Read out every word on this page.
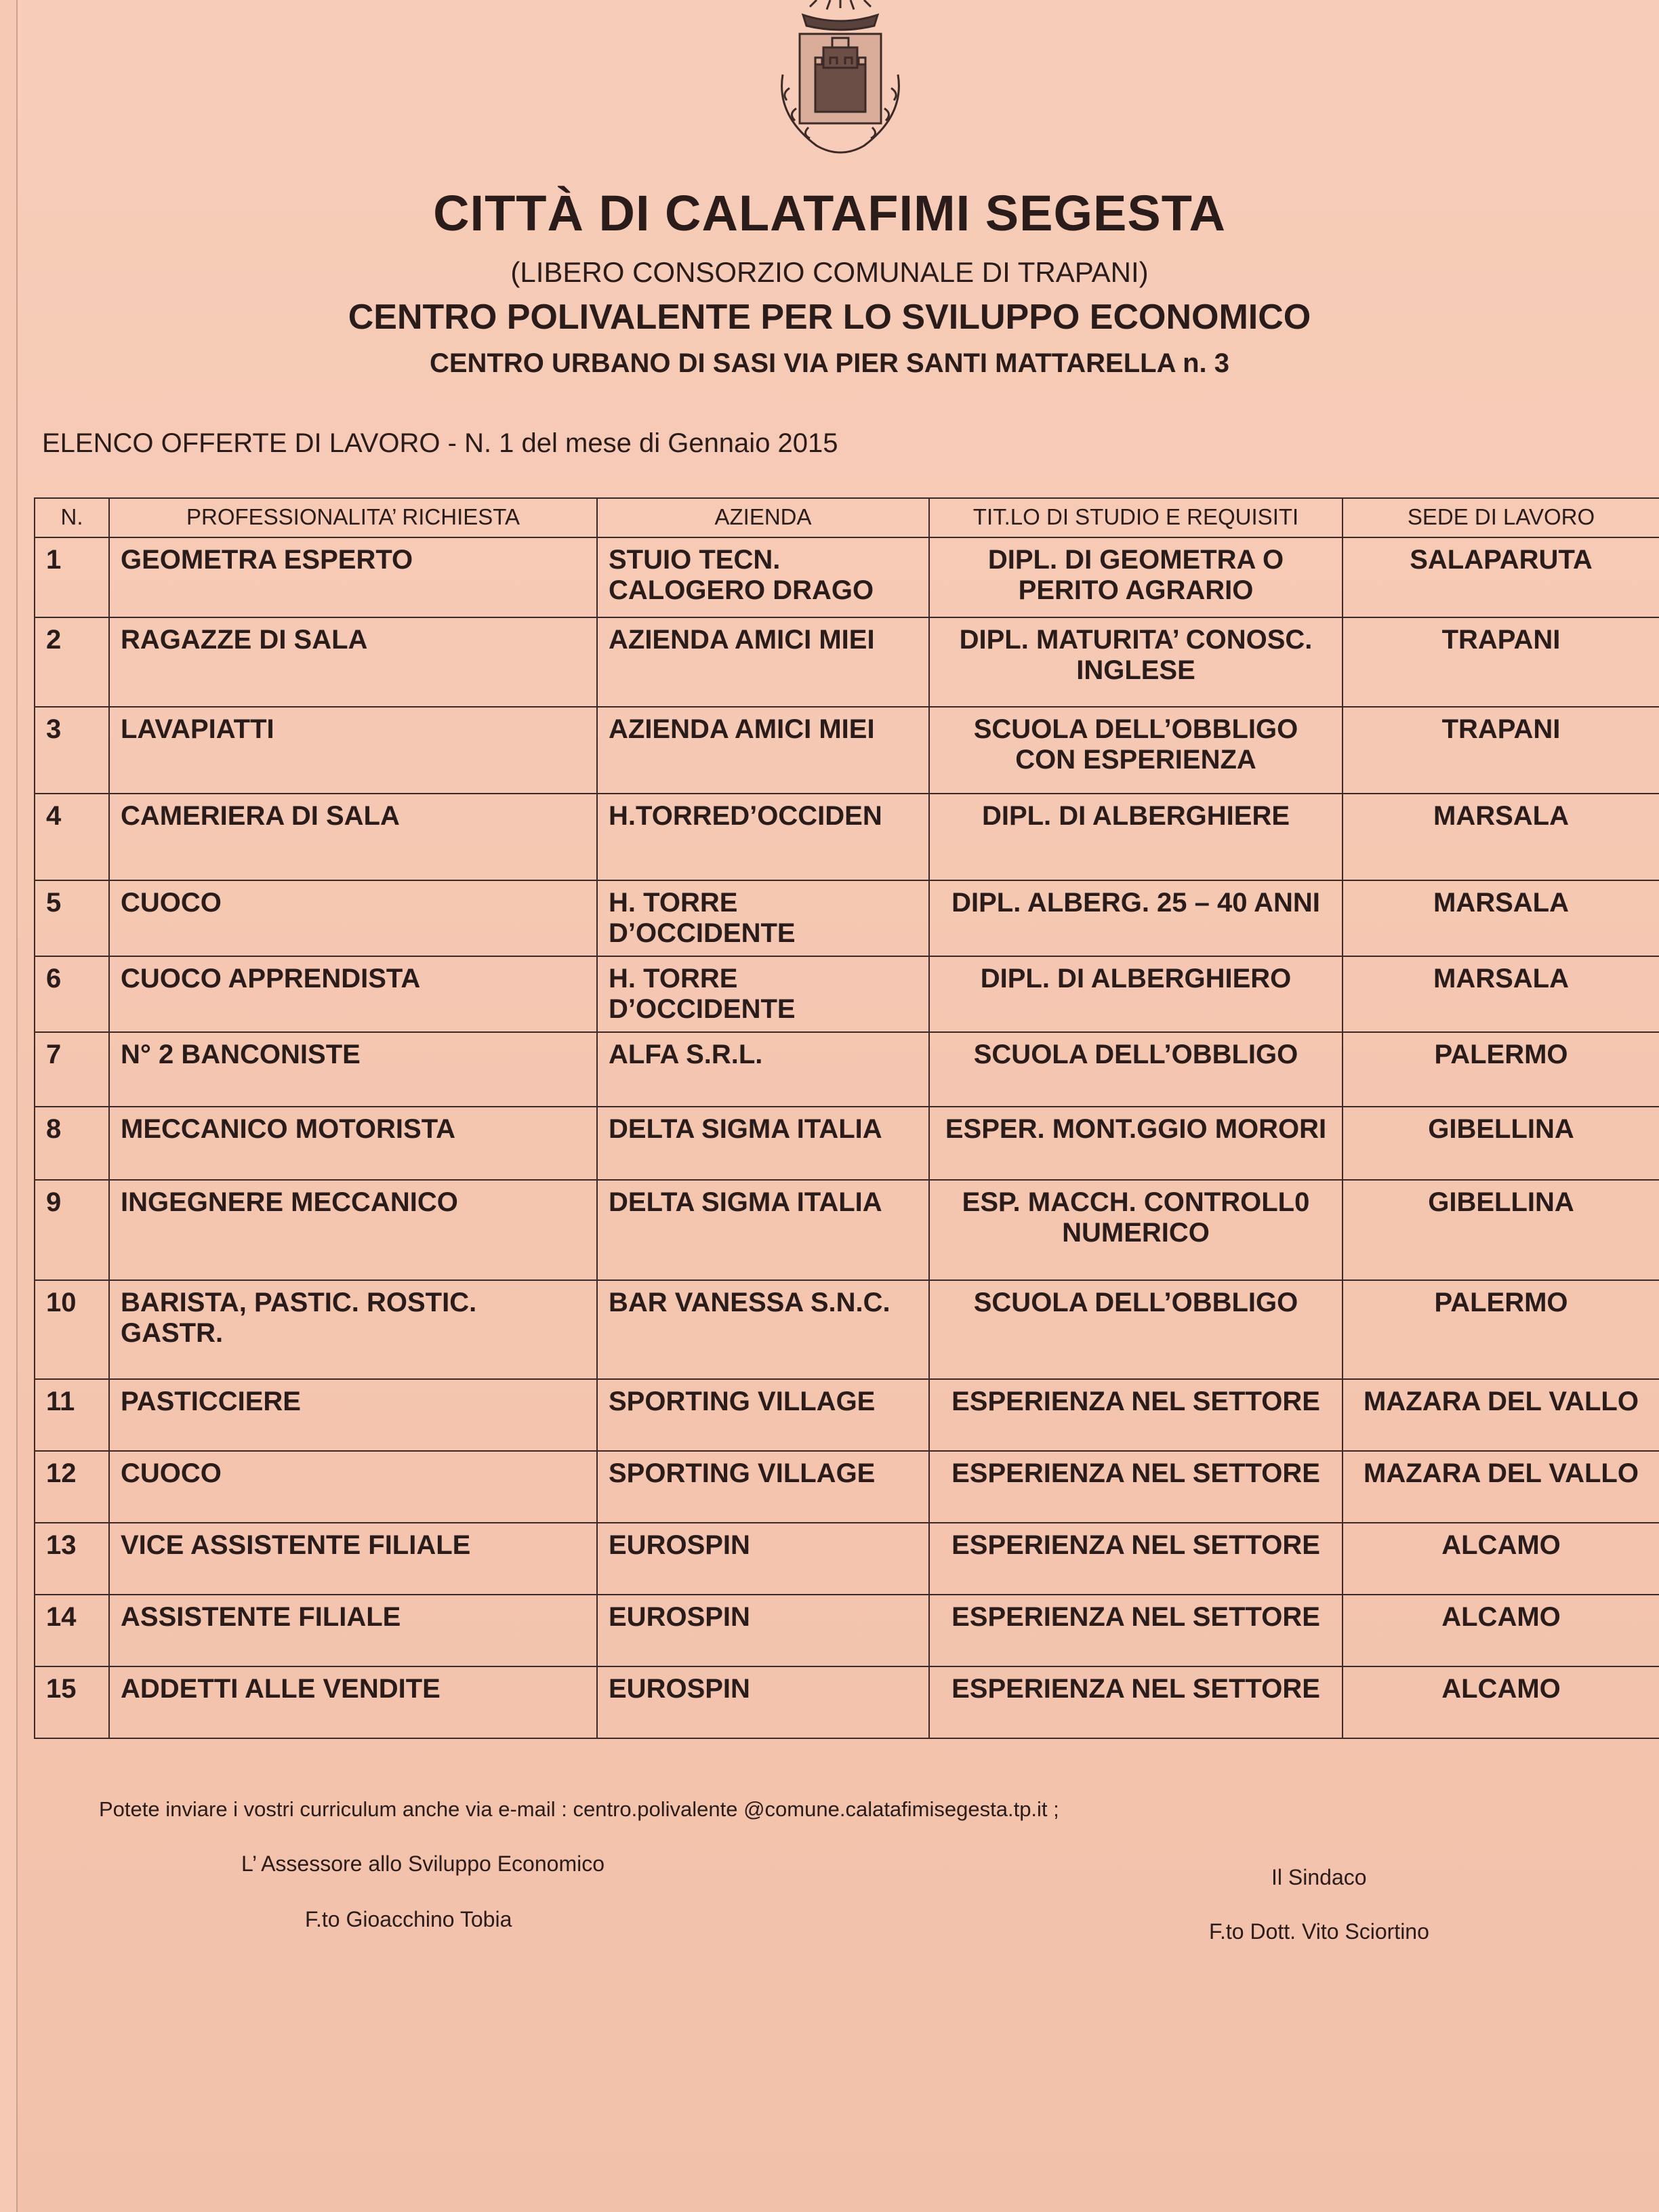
CITTÀ DI CALATAFIMI SEGESTA
(LIBERO CONSORZIO COMUNALE DI TRAPANI)
CENTRO POLIVALENTE PER LO SVILUPPO ECONOMICO
CENTRO URBANO DI SASI VIA PIER SANTI MATTARELLA n. 3
ELENCO OFFERTE DI LAVORO - N. 1 del mese di Gennaio 2015
N.	PROFESSIONALITA’ RICHIESTA	AZIENDA	TIT.LO DI STUDIO E REQUISITI	SEDE DI LAVORO
1	GEOMETRA ESPERTO	STUIO TECN. CALOGERO DRAGO	DIPL. DI GEOMETRA O PERITO AGRARIO	SALAPARUTA
2	RAGAZZE DI SALA	AZIENDA AMICI MIEI	DIPL. MATURITA’ CONOSC. INGLESE	TRAPANI
3	LAVAPIATTI	AZIENDA AMICI MIEI	SCUOLA DELL’OBBLIGO CON ESPERIENZA	TRAPANI
4	CAMERIERA DI SALA	H.TORRED’OCCIDEN	DIPL. DI ALBERGHIERE	MARSALA
5	CUOCO	H. TORRE D’OCCIDENTE	DIPL. ALBERG. 25 – 40 ANNI	MARSALA
6	CUOCO APPRENDISTA	H. TORRE D’OCCIDENTE	DIPL. DI ALBERGHIERO	MARSALA
7	N° 2 BANCONISTE	ALFA S.R.L.	SCUOLA DELL’OBBLIGO	PALERMO
8	MECCANICO MOTORISTA	DELTA SIGMA ITALIA	ESPER. MONT.GGIO MORORI	GIBELLINA
9	INGEGNERE MECCANICO	DELTA SIGMA ITALIA	ESP. MACCH. CONTROLL0 NUMERICO	GIBELLINA
10	BARISTA, PASTIC. ROSTIC. GASTR.	BAR VANESSA S.N.C.	SCUOLA DELL’OBBLIGO	PALERMO
11	PASTICCIERE	SPORTING VILLAGE	ESPERIENZA NEL SETTORE	MAZARA DEL VALLO
12	CUOCO	SPORTING VILLAGE	ESPERIENZA NEL SETTORE	MAZARA DEL VALLO
13	VICE ASSISTENTE FILIALE	EUROSPIN	ESPERIENZA NEL SETTORE	ALCAMO
14	ASSISTENTE FILIALE	EUROSPIN	ESPERIENZA NEL SETTORE	ALCAMO
15	ADDETTI ALLE VENDITE	EUROSPIN	ESPERIENZA NEL SETTORE	ALCAMO
Potete inviare i vostri curriculum anche via e-mail : centro.polivalente @comune.calatafimisegesta.tp.it ;
L’ Assessore allo Sviluppo Economico
F.to Gioacchino Tobia
Il Sindaco
F.to Dott. Vito Sciortino
